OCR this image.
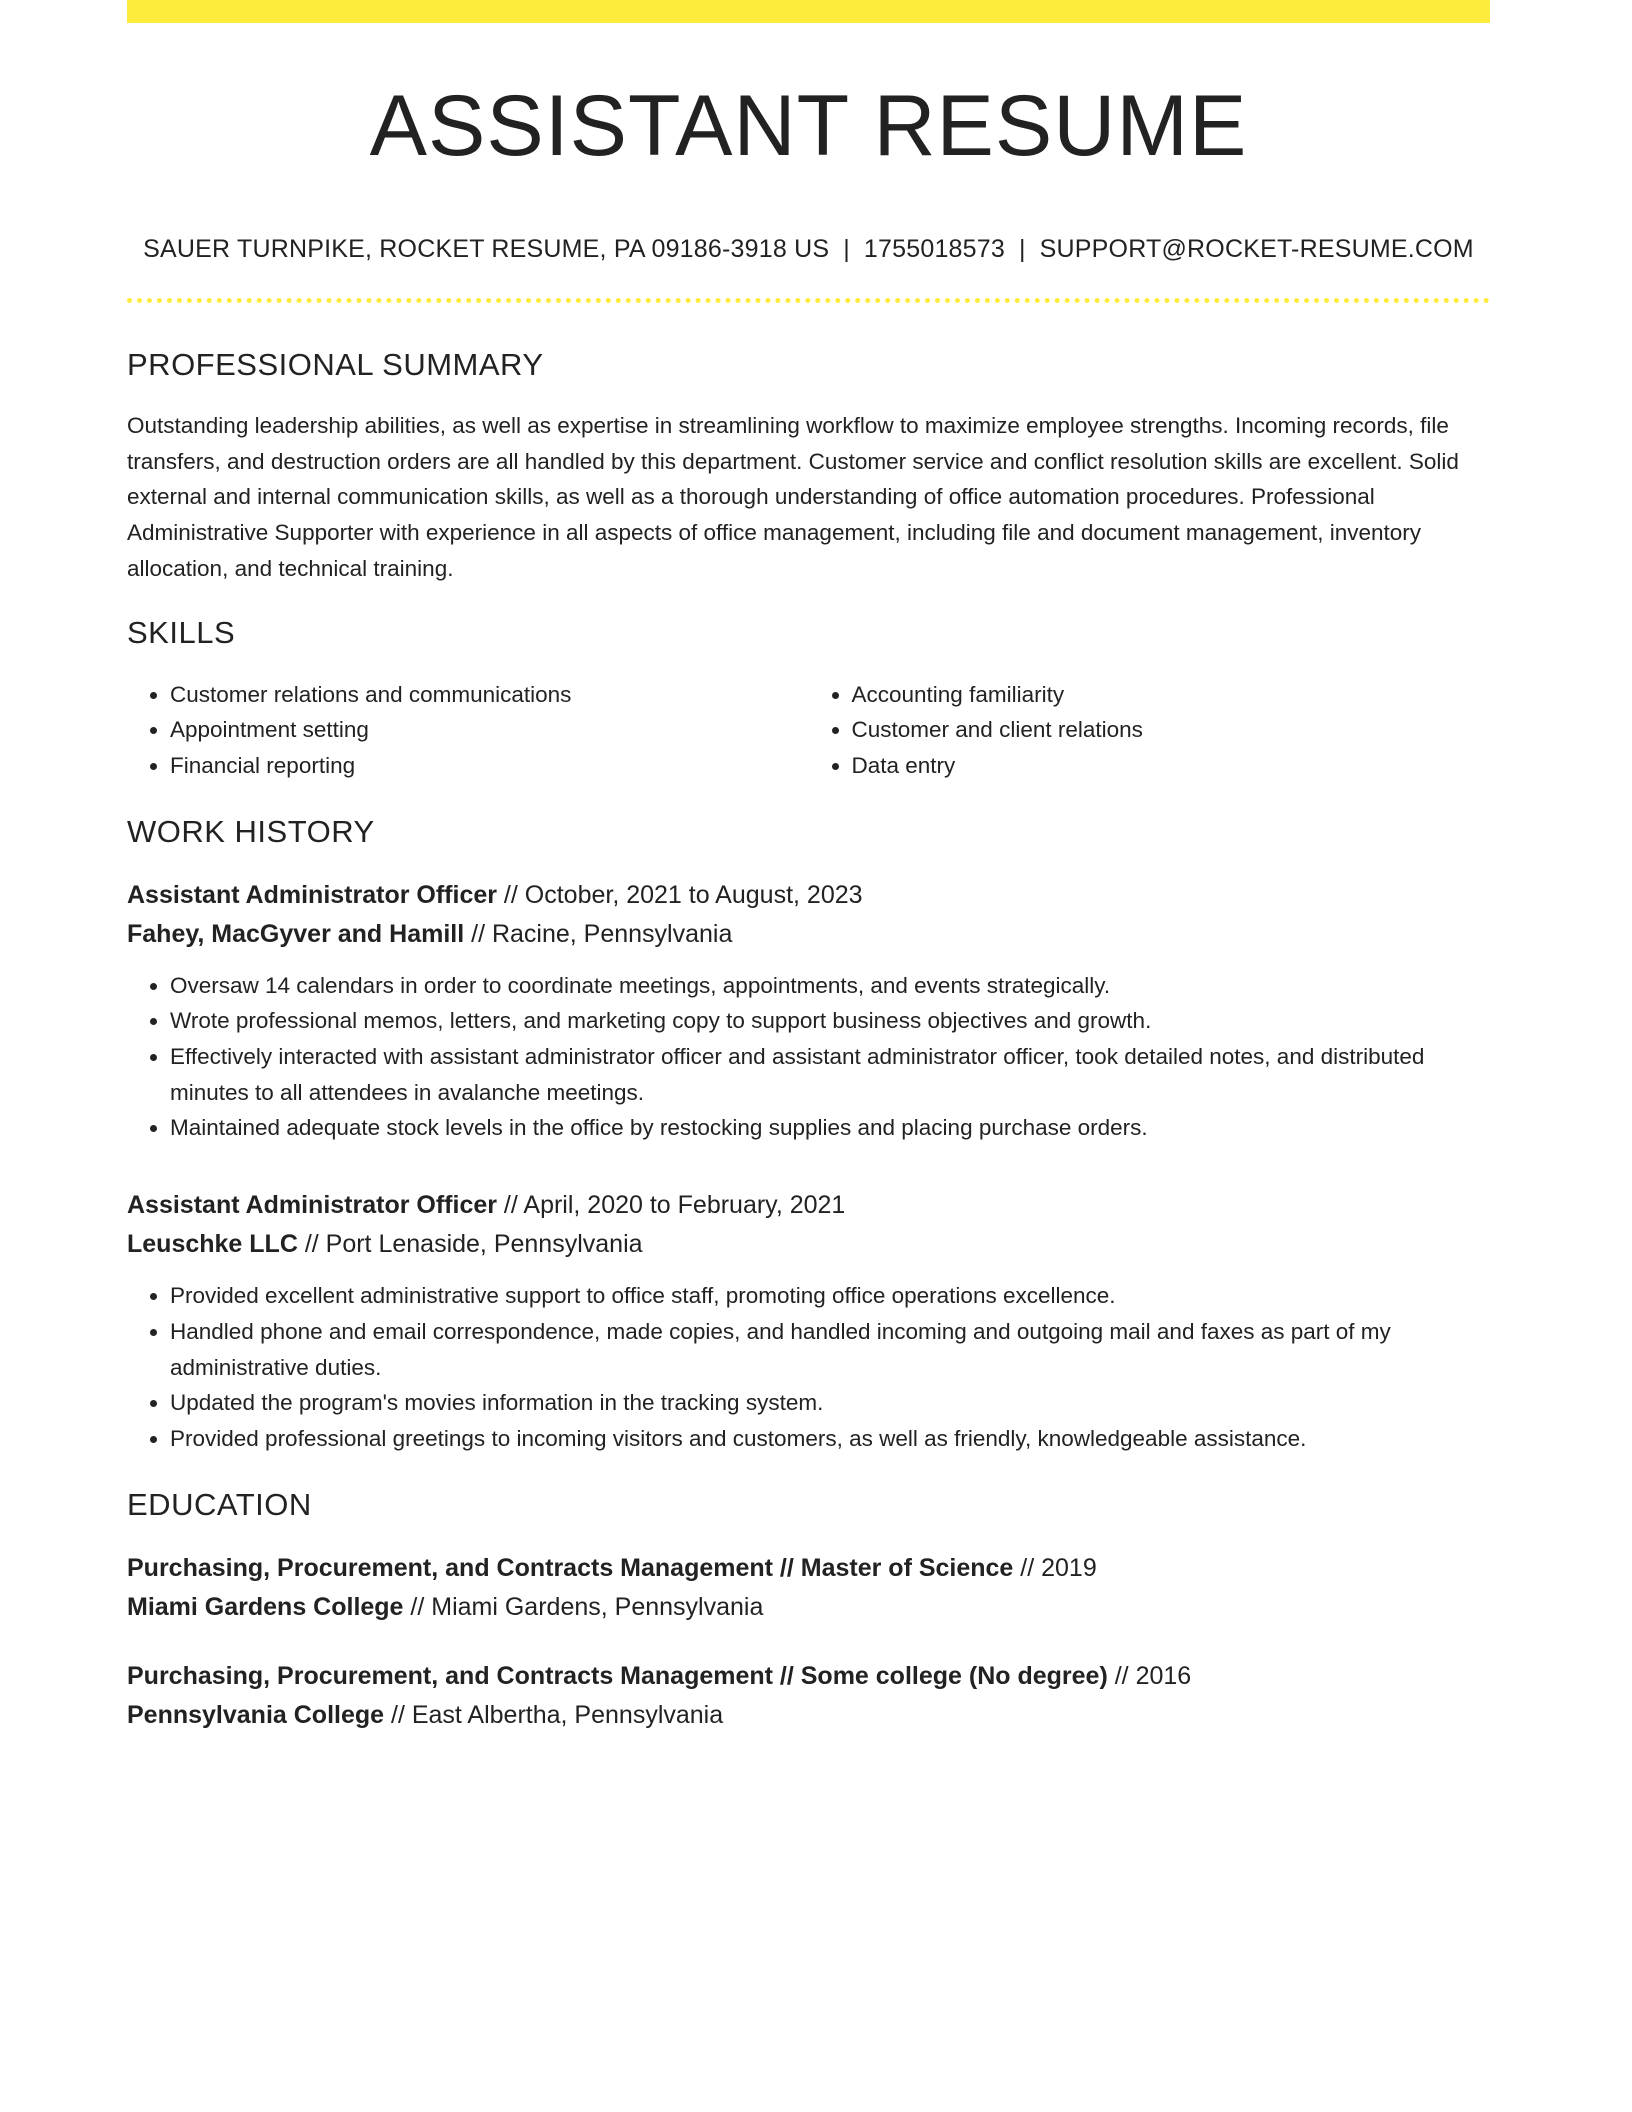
ASSISTANT RESUME
SAUER TURNPIKE, ROCKET RESUME, PA 09186-3918 US | 1755018573 | SUPPORT@ROCKET-RESUME.COM
PROFESSIONAL SUMMARY
Outstanding leadership abilities, as well as expertise in streamlining workflow to maximize employee strengths. Incoming records, file transfers, and destruction orders are all handled by this department. Customer service and conflict resolution skills are excellent. Solid external and internal communication skills, as well as a thorough understanding of office automation procedures. Professional Administrative Supporter with experience in all aspects of office management, including file and document management, inventory allocation, and technical training.
SKILLS
• Customer relations and communications
• Appointment setting
• Financial reporting
• Accounting familiarity
• Customer and client relations
• Data entry
WORK HISTORY
Assistant Administrator Officer // October, 2021 to August, 2023
Fahey, MacGyver and Hamill // Racine, Pennsylvania
• Oversaw 14 calendars in order to coordinate meetings, appointments, and events strategically.
• Wrote professional memos, letters, and marketing copy to support business objectives and growth.
• Effectively interacted with assistant administrator officer and assistant administrator officer, took detailed notes, and distributed minutes to all attendees in avalanche meetings.
• Maintained adequate stock levels in the office by restocking supplies and placing purchase orders.
Assistant Administrator Officer // April, 2020 to February, 2021
Leuschke LLC // Port Lenaside, Pennsylvania
• Provided excellent administrative support to office staff, promoting office operations excellence.
• Handled phone and email correspondence, made copies, and handled incoming and outgoing mail and faxes as part of my administrative duties.
• Updated the program's movies information in the tracking system.
• Provided professional greetings to incoming visitors and customers, as well as friendly, knowledgeable assistance.
EDUCATION
Purchasing, Procurement, and Contracts Management // Master of Science // 2019
Miami Gardens College // Miami Gardens, Pennsylvania
Purchasing, Procurement, and Contracts Management // Some college (No degree) // 2016
Pennsylvania College // East Albertha, Pennsylvania
